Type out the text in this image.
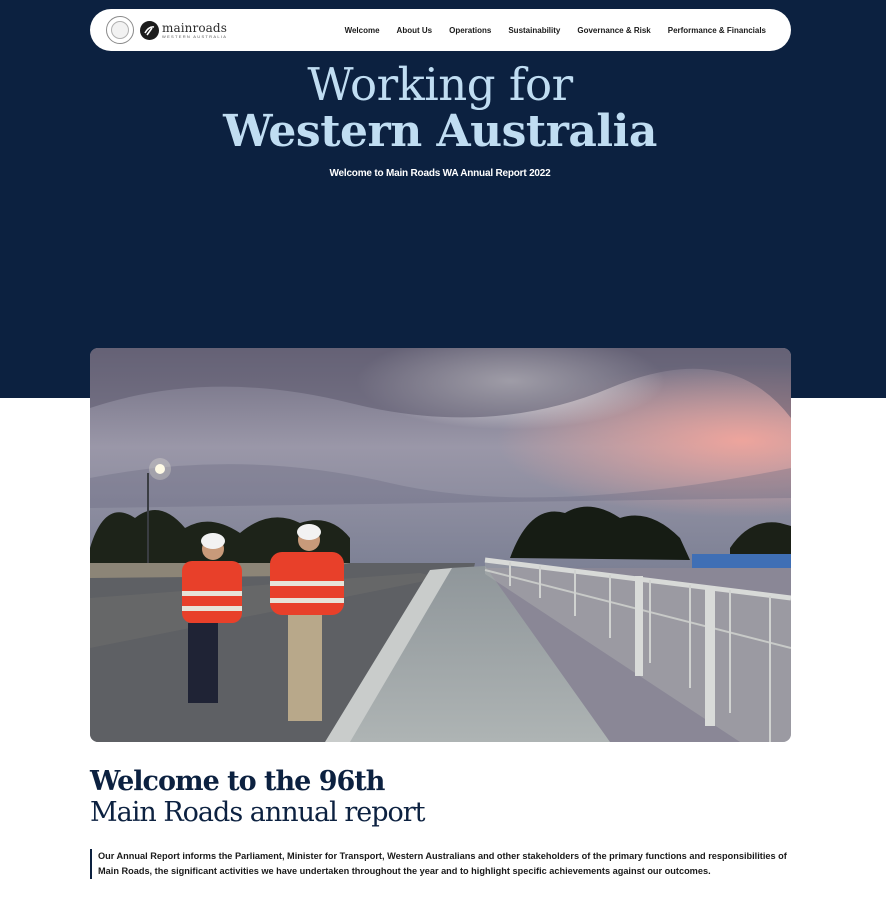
mainroads
WESTERN AUSTRALIA
Welcome About Us Operations Sustainability Governance & Risk Performance & Financials
Working for
Western Australia
Welcome to Main Roads WA Annual Report 2022
Welcome to the 96th
Main Roads annual report

Our Annual Report informs the Parliament, Minister for Transport, Western Australians and other stakeholders of the primary functions and responsibilities of Main Roads, the significant activities we have undertaken throughout the year and to highlight specific achievements against our outcomes.
